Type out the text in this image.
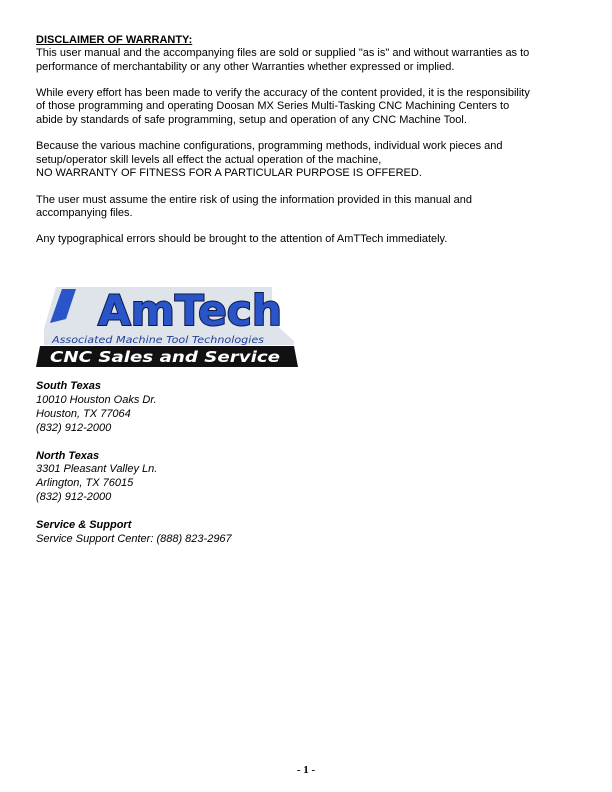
DISCLAIMER OF WARRANTY:

This user manual and the accompanying files are sold or supplied "as is" and without warranties as to
performance of merchantability or any other Warranties whether expressed or implied.
While every effort has been made to verify the accuracy of the content provided, it is the responsibility
of those programming and operating Doosan MX Series Multi-Tasking CNC Machining Centers to
abide by standards of safe programming, setup and operation of any CNC Machine Tool.
Because the various machine configurations, programming methods, individual work pieces and
setup/operator skill levels all effect the actual operation of the machine,
NO WARRANTY OF FITNESS FOR A PARTICULAR PURPOSE IS OFFERED.
The user must assume the entire risk of using the information provided in this manual and
accompanying files.
Any typographical errors should be brought to the attention of AmTTech immediately.
AmTech
Associated Machine Tool Technologies
CNC Sales and Service
South Texas
10010 Houston Oaks Dr.
Houston, TX 77064
(832) 912-2000
North Texas
3301 Pleasant Valley Ln.
Arlington, TX 76015
(832) 912-2000
Service & Support
Service Support Center: (888) 823-2967
- 1 -
